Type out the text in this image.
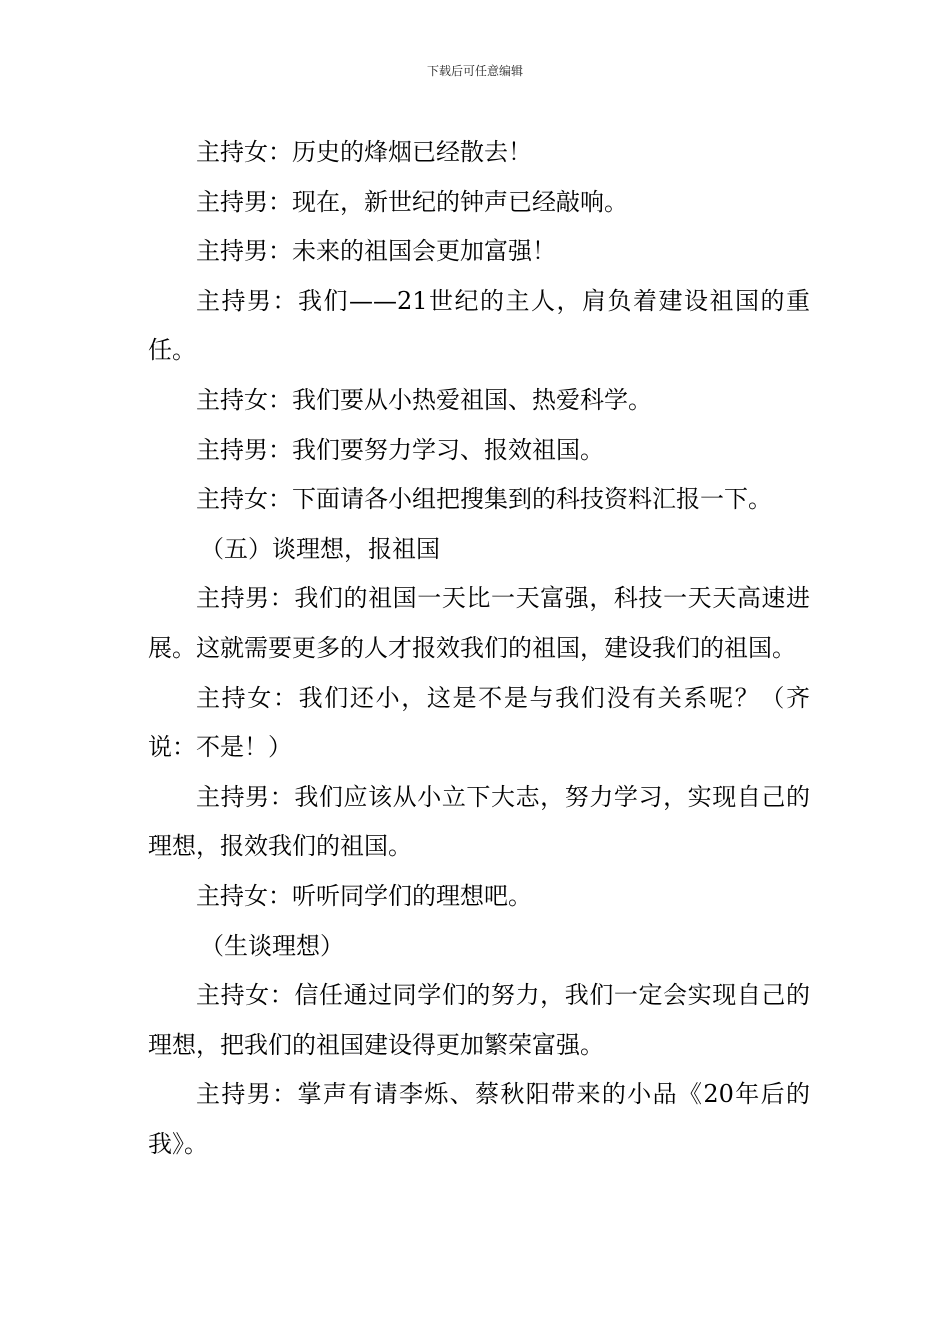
下载后可任意编辑

主持女：历史的烽烟已经散去！

主持男：现在，新世纪的钟声已经敲响。

主持男：未来的祖国会更加富强！

主持男：我们——21世纪的主人，肩负着建设祖国的重任。

主持女：我们要从小热爱祖国、热爱科学。

主持男：我们要努力学习、报效祖国。

主持女：下面请各小组把搜集到的科技资料汇报一下。

（五）谈理想，报祖国

主持男：我们的祖国一天比一天富强，科技一天天高速进展。这就需要更多的人才报效我们的祖国，建设我们的祖国。

主持女：我们还小，这是不是与我们没有关系呢？（齐说：不是！）

主持男：我们应该从小立下大志，努力学习，实现自己的理想，报效我们的祖国。

主持女：听听同学们的理想吧。

（生谈理想）

主持女：信任通过同学们的努力，我们一定会实现自己的理想，把我们的祖国建设得更加繁荣富强。

主持男：掌声有请李烁、蔡秋阳带来的小品《20年后的我》。
